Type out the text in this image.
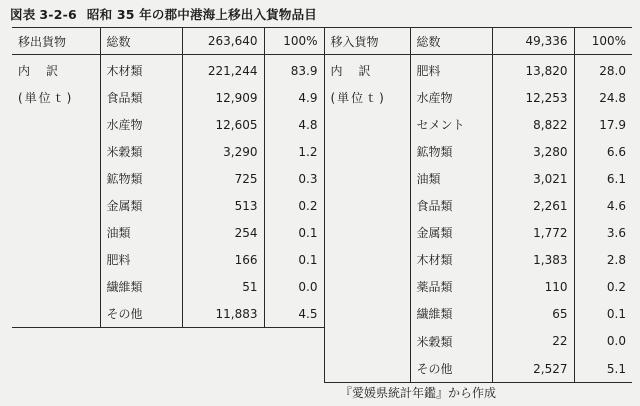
図表 3-2-6 昭和 35 年の郡中港海上移出入貨物品目
移出貨物	総数	263,640	100%	移入貨物	総数	49,336	100%
内　訳	木材類	221,244	83.9	内　訳	肥料	13,820	28.0
(単位ｔ)	食品類	12,909	4.9	(単位ｔ)	水産物	12,253	24.8
	水産物	12,605	4.8		セメント	8,822	17.9
	米穀類	3,290	1.2		鉱物類	3,280	6.6
	鉱物類	725	0.3		油類	3,021	6.1
	金属類	513	0.2		食品類	2,261	4.6
	油類	254	0.1		金属類	1,772	3.6
	肥料	166	0.1		木材類	1,383	2.8
	繊維類	51	0.0		薬品類	110	0.2
	その他	11,883	4.5		繊維類	65	0.1
					米穀類	22	0.0
					その他	2,527	5.1
『愛媛県統計年鑑』から作成
